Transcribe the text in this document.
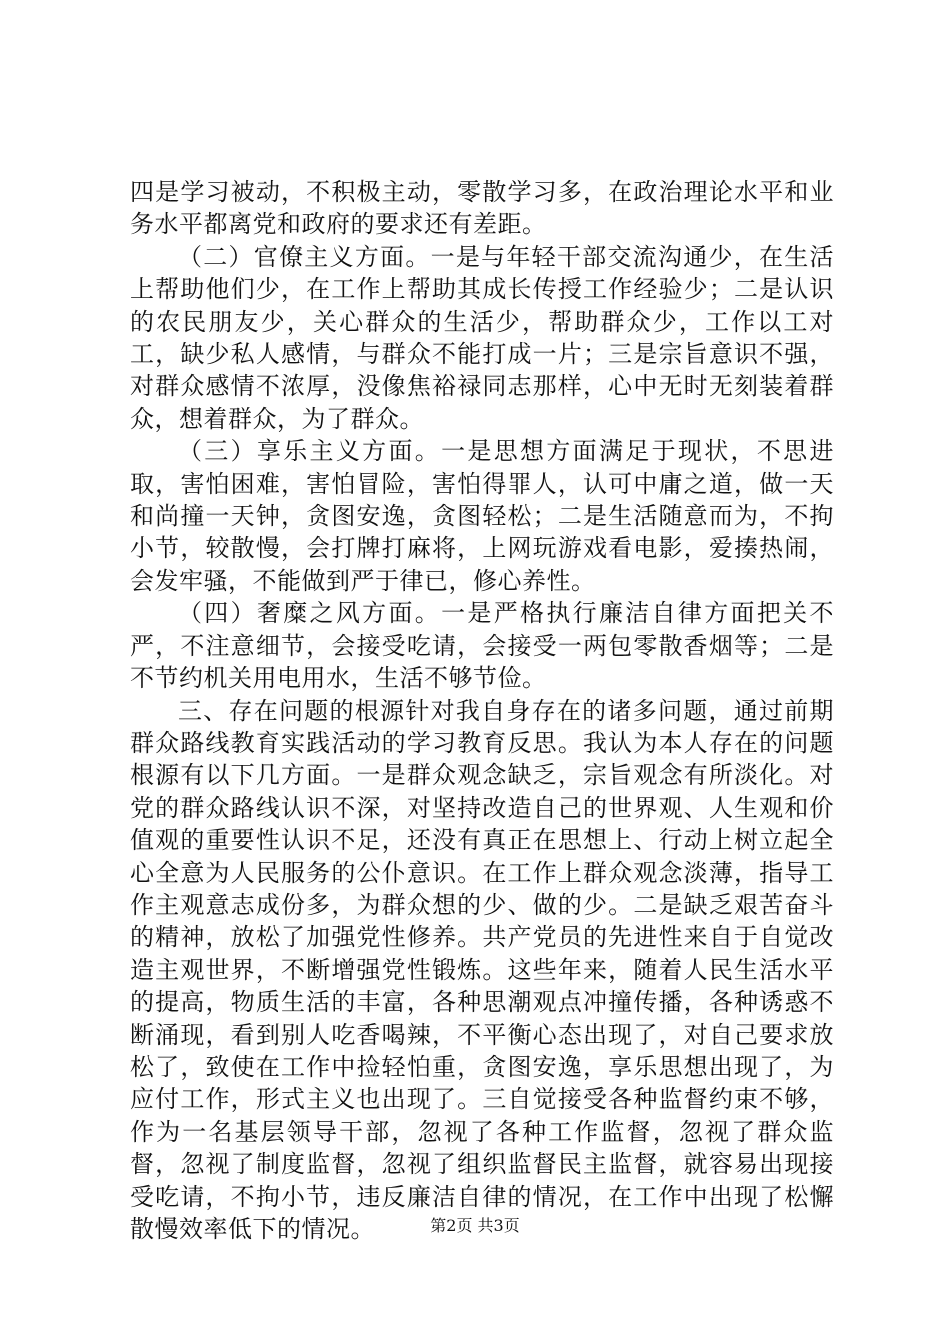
四是学习被动，不积极主动，零散学习多，在政治理论水平和业务水平都离党和政府的要求还有差距。

（二）官僚主义方面。一是与年轻干部交流沟通少，在生活上帮助他们少，在工作上帮助其成长传授工作经验少；二是认识的农民朋友少，关心群众的生活少，帮助群众少，工作以工对工，缺少私人感情，与群众不能打成一片；三是宗旨意识不强，对群众感情不浓厚，没像焦裕禄同志那样，心中无时无刻装着群众，想着群众，为了群众。

（三）享乐主义方面。一是思想方面满足于现状，不思进取，害怕困难，害怕冒险，害怕得罪人，认可中庸之道，做一天和尚撞一天钟，贪图安逸，贪图轻松；二是生活随意而为，不拘小节，较散慢，会打牌打麻将，上网玩游戏看电影，爱揍热闹，会发牢骚，不能做到严于律已，修心养性。

（四）奢糜之风方面。一是严格执行廉洁自律方面把关不严，不注意细节，会接受吃请，会接受一两包零散香烟等；二是不节约机关用电用水，生活不够节俭。

三、存在问题的根源针对我自身存在的诸多问题，通过前期群众路线教育实践活动的学习教育反思。我认为本人存在的问题根源有以下几方面。一是群众观念缺乏，宗旨观念有所淡化。对党的群众路线认识不深，对坚持改造自己的世界观、人生观和价值观的重要性认识不足，还没有真正在思想上、行动上树立起全心全意为人民服务的公仆意识。在工作上群众观念淡薄，指导工作主观意志成份多，为群众想的少、做的少。二是缺乏艰苦奋斗的精神，放松了加强党性修养。共产党员的先进性来自于自觉改造主观世界，不断增强党性锻炼。这些年来，随着人民生活水平的提高，物质生活的丰富，各种思潮观点冲撞传播，各种诱惑不断涌现，看到别人吃香喝辣，不平衡心态出现了，对自己要求放松了，致使在工作中捡轻怕重，贪图安逸，享乐思想出现了，为应付工作，形式主义也出现了。三自觉接受各种监督约束不够，作为一名基层领导干部，忽视了各种工作监督，忽视了群众监督，忽视了制度监督，忽视了组织监督民主监督，就容易出现接受吃请，不拘小节，违反廉洁自律的情况，在工作中出现了松懈散慢效率低下的情况。	第2页 共3页
